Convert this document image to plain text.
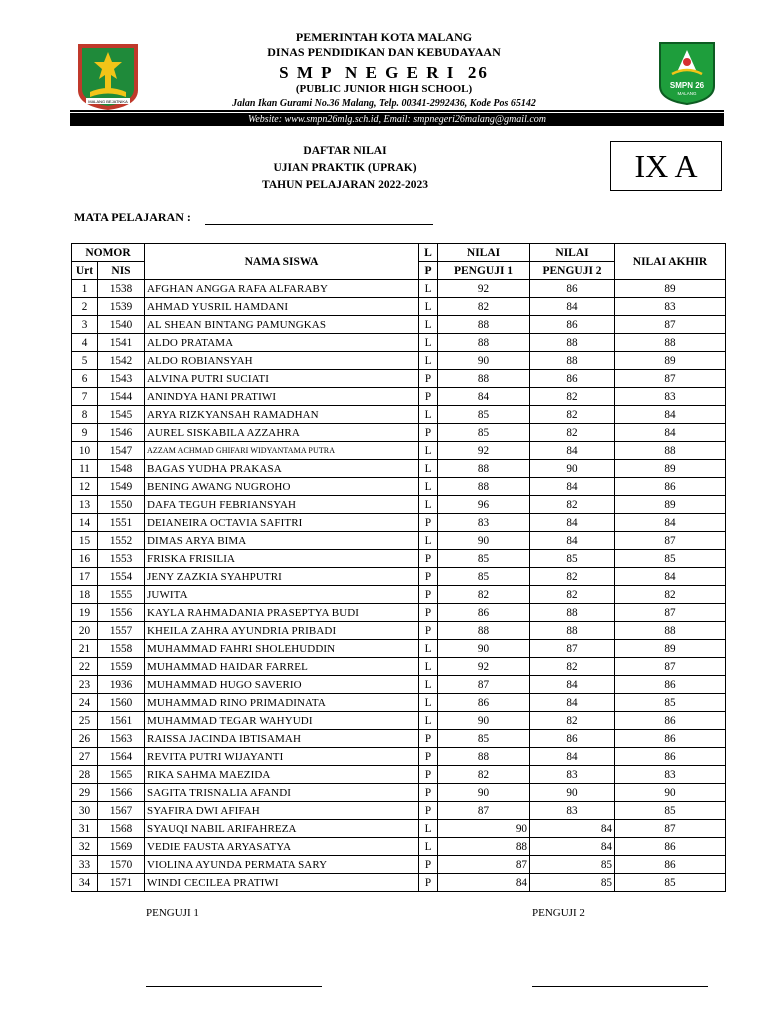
MALANG BEJATNIKA
SMPN 26
MALANG
PEMERINTAH KOTA MALANG
DINAS PENDIDIKAN DAN KEBUDAYAAN
S M P  N E G E R I  26
(PUBLIC JUNIOR HIGH SCHOOL)
Jalan Ikan Gurami No.36 Malang, Telp. 00341-2992436, Kode Pos 65142
Website: www.smpn26mlg.sch.id, Email: smpnegeri26malang@gmail.com
DAFTAR NILAI
UJIAN PRAKTIK (UPRAK)
TAHUN PELAJARAN 2022-2023
IX A
MATA PELAJARAN :
NOMOR		NAMA SISWA	L	NILAI	NILAI	NILAI AKHIR
Urt	NIS		P	PENGUJI 1	PENGUJI 2	
1	1538	AFGHAN ANGGA RAFA ALFARABY	L	92	86	89
2	1539	AHMAD YUSRIL HAMDANI	L	82	84	83
3	1540	AL SHEAN BINTANG PAMUNGKAS	L	88	86	87
4	1541	ALDO PRATAMA	L	88	88	88
5	1542	ALDO ROBIANSYAH	L	90	88	89
6	1543	ALVINA PUTRI SUCIATI	P	88	86	87
7	1544	ANINDYA HANI PRATIWI	P	84	82	83
8	1545	ARYA RIZKYANSAH RAMADHAN	L	85	82	84
9	1546	AUREL SISKABILA AZZAHRA	P	85	82	84
10	1547	AZZAM ACHMAD GHIFARI WIDYANTAMA PUTRA	L	92	84	88
11	1548	BAGAS YUDHA PRAKASA	L	88	90	89
12	1549	BENING AWANG NUGROHO	L	88	84	86
13	1550	DAFA TEGUH FEBRIANSYAH	L	96	82	89
14	1551	DEIANEIRA OCTAVIA SAFITRI	P	83	84	84
15	1552	DIMAS ARYA BIMA	L	90	84	87
16	1553	FRISKA FRISILIA	P	85	85	85
17	1554	JENY ZAZKIA SYAHPUTRI	P	85	82	84
18	1555	JUWITA	P	82	82	82
19	1556	KAYLA RAHMADANIA PRASEPTYA BUDI	P	86	88	87
20	1557	KHEILA ZAHRA AYUNDRIA PRIBADI	P	88	88	88
21	1558	MUHAMMAD FAHRI SHOLEHUDDIN	L	90	87	89
22	1559	MUHAMMAD HAIDAR FARREL	L	92	82	87
23	1936	MUHAMMAD HUGO SAVERIO	L	87	84	86
24	1560	MUHAMMAD RINO PRIMADINATA	L	86	84	85
25	1561	MUHAMMAD TEGAR WAHYUDI	L	90	82	86
26	1563	RAISSA JACINDA IBTISAMAH	P	85	86	86
27	1564	REVITA PUTRI WIJAYANTI	P	88	84	86
28	1565	RIKA SAHMA MAEZIDA	P	82	83	83
29	1566	SAGITA TRISNALIA AFANDI	P	90	90	90
30	1567	SYAFIRA DWI AFIFAH	P	87	83	85
31	1568	SYAUQI NABIL ARIFAHREZA	L	90	84	87
32	1569	VEDIE FAUSTA ARYASATYA	L	88	84	86
33	1570	VIOLINA AYUNDA PERMATA SARY	P	87	85	86
34	1571	WINDI CECILEA PRATIWI	P	84	85	85
PENGUJI 1	PENGUJI 2
